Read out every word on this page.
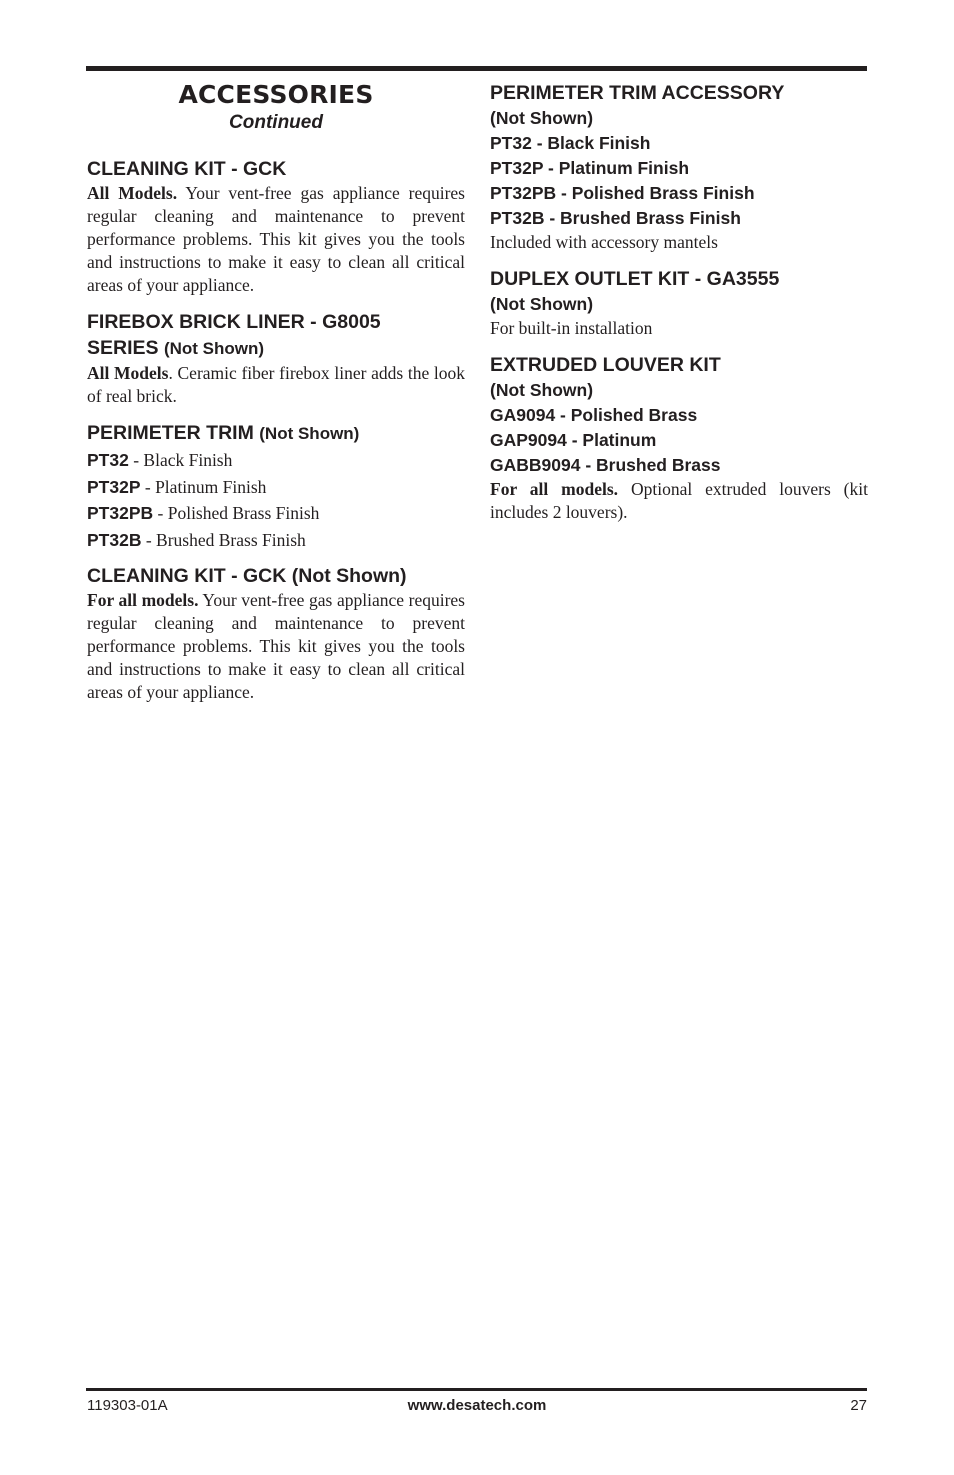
ACCESSORIES

Continued

CLEANING KIT - GCK

All Models. Your vent-free gas appliance requires regular cleaning and maintenance to prevent performance problems. This kit gives you the tools and instructions to make it easy to clean all critical areas of your appliance.

FIREBOX BRICK LINER - G8005

SERIES (Not Shown)

All Models. Ceramic fiber firebox liner adds the look of real brick.

PERIMETER TRIM (Not Shown)

PT32 - Black Finish

PT32P - Platinum Finish

PT32PB - Polished Brass Finish

PT32B - Brushed Brass Finish

CLEANING KIT - GCK (Not Shown)

For all models. Your vent-free gas appliance requires regular cleaning and maintenance to prevent performance problems. This kit gives you the tools and instructions to make it easy to clean all critical areas of your appliance.

PERIMETER TRIM ACCESSORY

(Not Shown)

PT32 - Black Finish

PT32P - Platinum Finish

PT32PB - Polished Brass Finish

PT32B - Brushed Brass Finish

Included with accessory mantels

DUPLEX OUTLET KIT - GA3555

(Not Shown)

For built-in installation

EXTRUDED LOUVER KIT

(Not Shown)

GA9094 - Polished Brass

GAP9094 - Platinum

GABB9094 - Brushed Brass

For all models. Optional extruded louvers (kit includes 2 louvers).

119303-01A	www.desatech.com	27
